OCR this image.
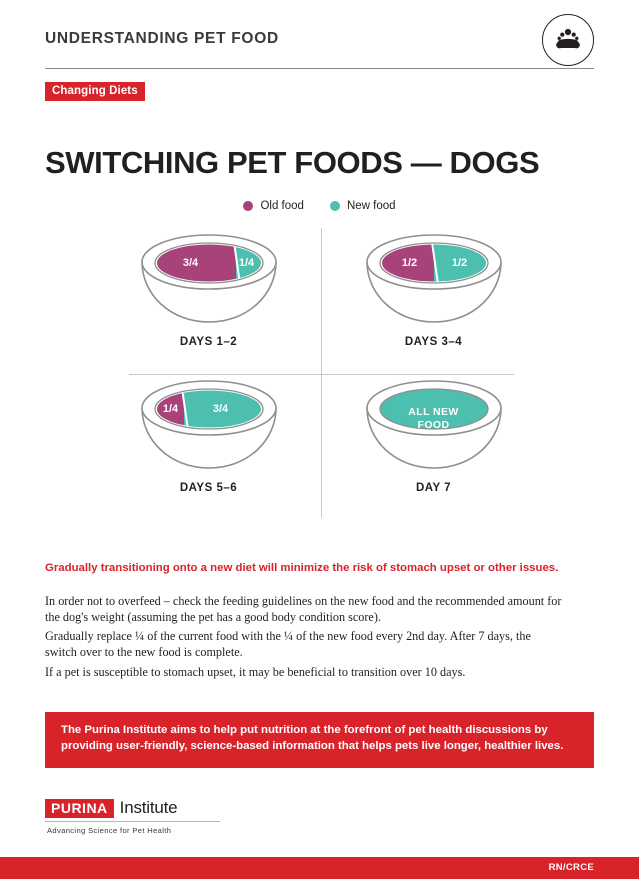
UNDERSTANDING PET FOOD
Changing Diets
SWITCHING PET FOODS — DOGS
Old food	New food
3/4	1/4
DAYS 1–2
1/2	1/2
DAYS 3–4
1/4	3/4
DAYS 5–6
ALL NEW
FOOD
DAY 7
Gradually transitioning onto a new diet will minimize the risk of stomach upset or other issues.
In order not to overfeed – check the feeding guidelines on the new food and the recommended amount for the dog's weight (assuming the pet has a good body condition score).
Gradually replace ¼ of the current food with the ¼ of the new food every 2nd day. After 7 days, the switch over to the new food is complete.
If a pet is susceptible to stomach upset, it may be beneficial to transition over 10 days.
The Purina Institute aims to help put nutrition at the forefront of pet health discussions by providing user-friendly, science-based information that helps pets live longer, healthier lives.
PURINA Institute
Advancing Science for Pet Health
RN/CRCE
